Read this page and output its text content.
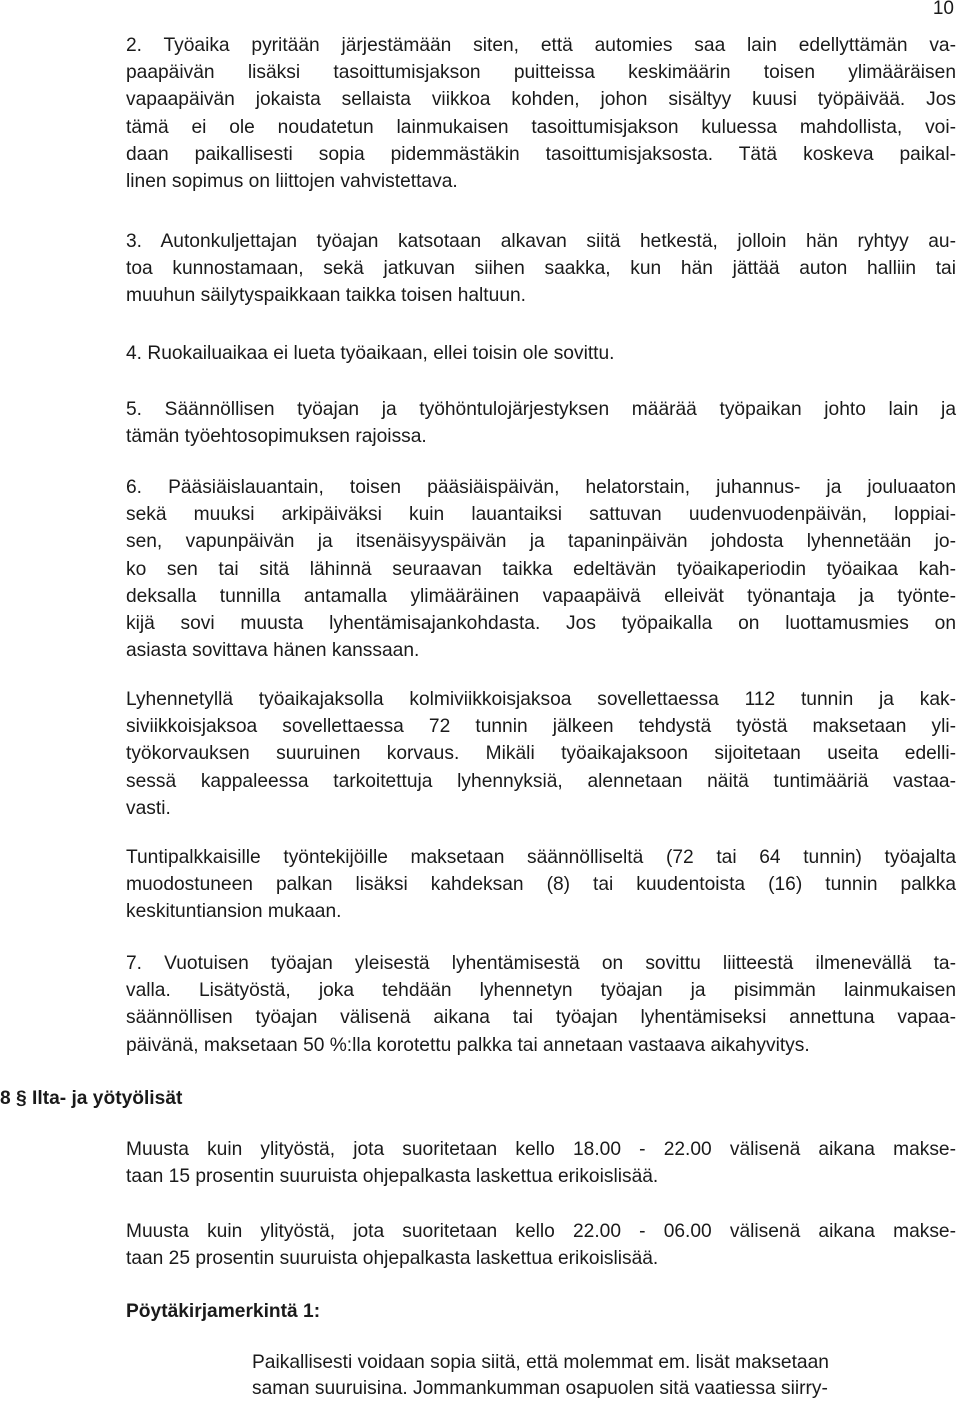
10
8 § Ilta- ja yötyölisät

2. Työaika pyritään järjestämään siten, että automies saa lain edellyttämän va-
paapäivän lisäksi tasoittumisjakson puitteissa keskimäärin toisen ylimääräisen
vapaapäivän jokaista sellaista viikkoa kohden, johon sisältyy kuusi työpäivää. Jos
tämä ei ole noudatetun lainmukaisen tasoittumisjakson kuluessa mahdollista, voi-
daan paikallisesti sopia pidemmästäkin tasoittumisjaksosta. Tätä koskeva paikal-
linen sopimus on liittojen vahvistettava.

3. Autonkuljettajan työajan katsotaan alkavan siitä hetkestä, jolloin hän ryhtyy au-
toa kunnostamaan, sekä jatkuvan siihen saakka, kun hän jättää auton halliin tai
muuhun säilytyspaikkaan taikka toisen haltuun.

4. Ruokailuaikaa ei lueta työaikaan, ellei toisin ole sovittu.

5. Säännöllisen työajan ja työhöntulojärjestyksen määrää työpaikan johto lain ja
tämän työehtosopimuksen rajoissa.

6. Pääsiäislauantain, toisen pääsiäispäivän, helatorstain, juhannus- ja jouluaaton
sekä muuksi arkipäiväksi kuin lauantaiksi sattuvan uudenvuodenpäivän, loppiai-
sen, vapunpäivän ja itsenäisyyspäivän ja tapaninpäivän johdosta lyhennetään jo-
ko sen tai sitä lähinnä seuraavan taikka edeltävän työaikaperiodin työaikaa kah-
deksalla tunnilla antamalla ylimääräinen vapaapäivä elleivät työnantaja ja työnte-
kijä sovi muusta lyhentämisajankohdasta. Jos työpaikalla on luottamusmies on
asiasta sovittava hänen kanssaan.

Lyhennetyllä työaikajaksolla kolmiviikkoisjaksoa sovellettaessa 112 tunnin ja kak-
siviikkoisjaksoa sovellettaessa 72 tunnin jälkeen tehdystä työstä maksetaan yli-
työkorvauksen suuruinen korvaus. Mikäli työaikajaksoon sijoitetaan useita edelli-
sessä kappaleessa tarkoitettuja lyhennyksiä, alennetaan näitä tuntimääriä vastaa-
vasti.

Tuntipalkkaisille työntekijöille maksetaan säännölliseltä (72 tai 64 tunnin) työajalta
muodostuneen palkan lisäksi kahdeksan (8) tai kuudentoista (16) tunnin palkka
keskituntiansion mukaan.

7. Vuotuisen työajan yleisestä lyhentämisestä on sovittu liitteestä ilmenevällä ta-
valla. Lisätyöstä, joka tehdään lyhennetyn työajan ja pisimmän lainmukaisen
säännöllisen työajan välisenä aikana tai työajan lyhentämiseksi annettuna vapaa-
päivänä, maksetaan 50 %:lla korotettu palkka tai annetaan vastaava aikahyvitys.

Muusta kuin ylityöstä, jota suoritetaan kello 18.00 - 22.00 välisenä aikana makse-
taan 15 prosentin suuruista ohjepalkasta laskettua erikoislisää.

Muusta kuin ylityöstä, jota suoritetaan kello 22.00 - 06.00 välisenä aikana makse-
taan 25 prosentin suuruista ohjepalkasta laskettua erikoislisää.

Pöytäkirjamerkintä 1:

Paikallisesti voidaan sopia siitä, että molemmat em. lisät maksetaan
saman suuruisina. Jommankumman osapuolen sitä vaatiessa siirry-
